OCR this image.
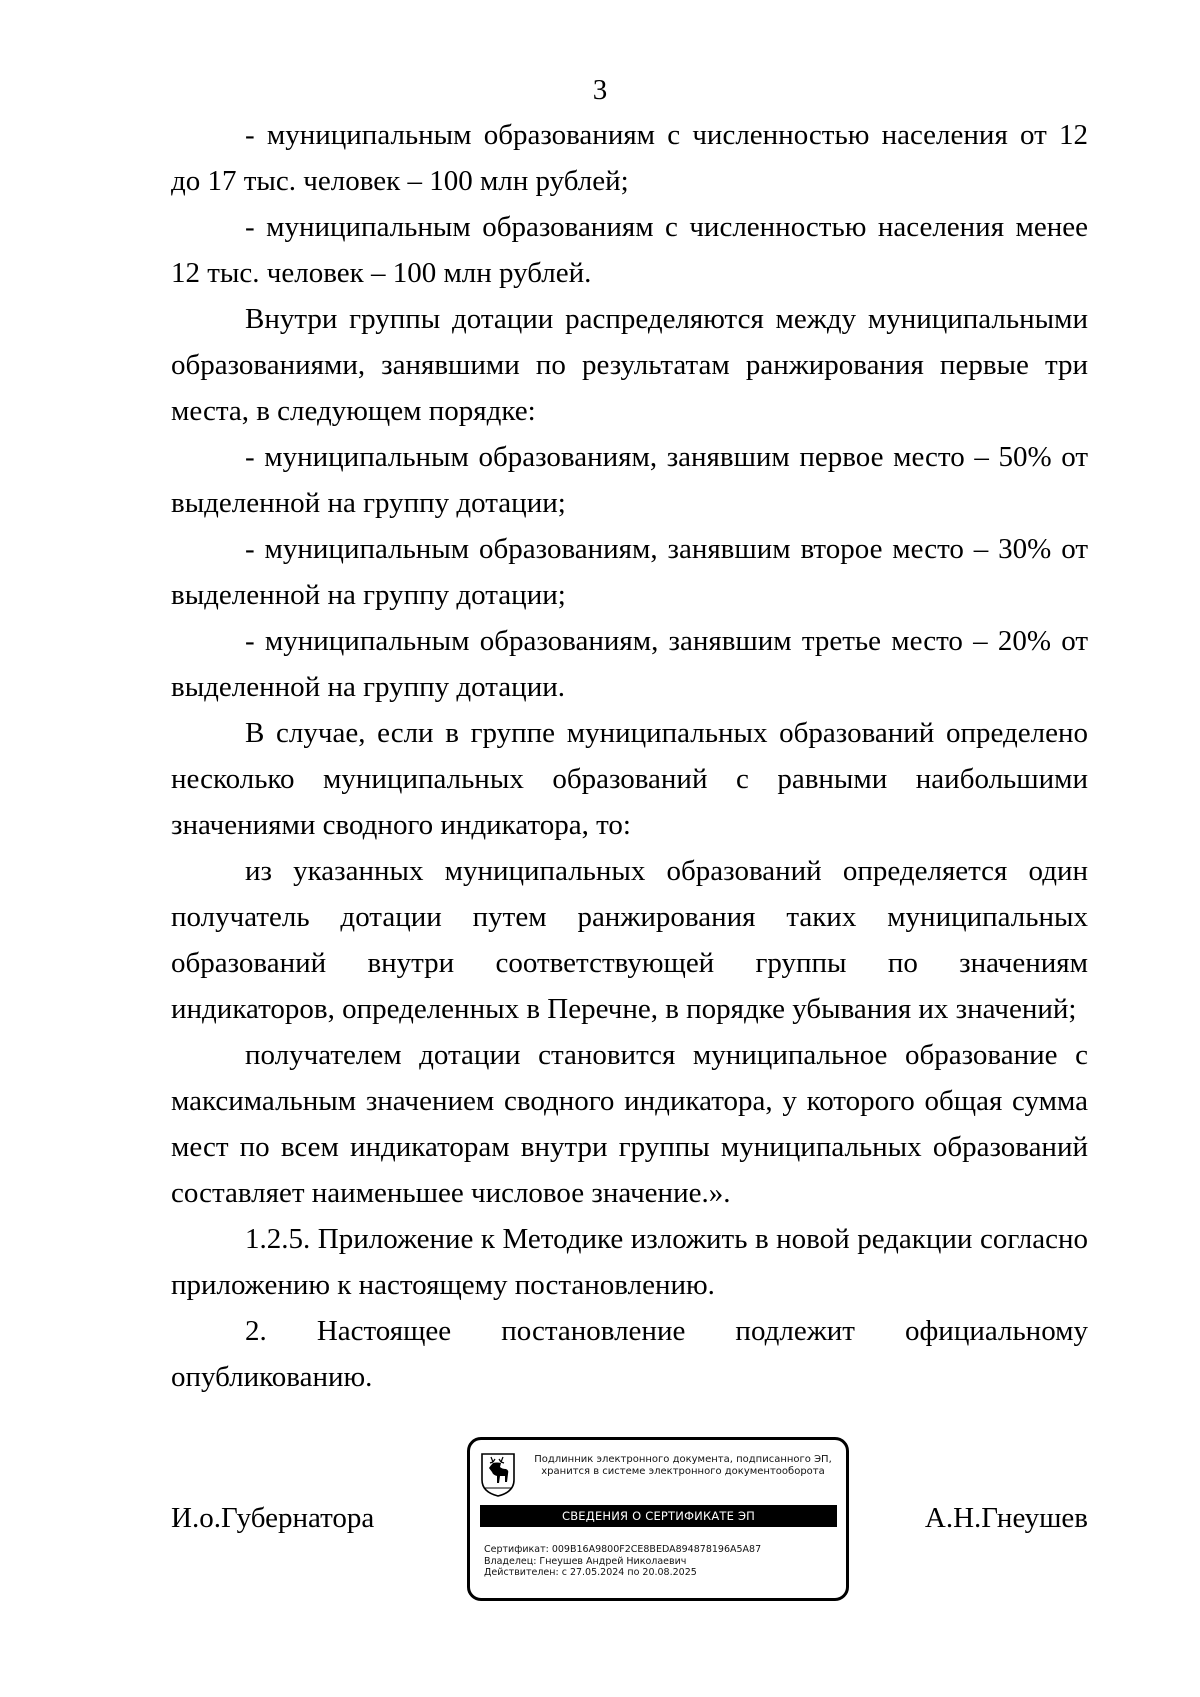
3

- муниципальным образованиям с численностью населения от 12 до 17 тыс. человек – 100 млн рублей;

- муниципальным образованиям с численностью населения менее 12 тыс. человек – 100 млн рублей.

Внутри группы дотации распределяются между муниципальными образованиями, занявшими по результатам ранжирования первые три места, в следующем порядке:

- муниципальным образованиям, занявшим первое место – 50% от выделенной на группу дотации;

- муниципальным образованиям, занявшим второе место – 30% от выделенной на группу дотации;

- муниципальным образованиям, занявшим третье место – 20% от выделенной на группу дотации.

В случае, если в группе муниципальных образований определено несколько муниципальных образований с равными наибольшими значениями сводного индикатора, то:

из указанных муниципальных образований определяется один получатель дотации путем ранжирования таких муниципальных образований внутри соответствующей группы по значениям индикаторов, определенных в Перечне, в порядке убывания их значений;

получателем дотации становится муниципальное образование с максимальным значением сводного индикатора, у которого общая сумма мест по всем индикаторам внутри группы муниципальных образований составляет наименьшее числовое значение.».

1.2.5. Приложение к Методике изложить в новой редакции согласно приложению к настоящему постановлению.

2. Настоящее постановление подлежит официальному опубликованию.

И.о.Губернатора
Подлинник электронного документа, подписанного ЭП,
хранится в системе электронного документооборота
СВЕДЕНИЯ О СЕРТИФИКАТЕ ЭП
Сертификат: 009B16A9800F2CE8BEDA894878196A5A87
Владелец: Гнеушев Андрей Николаевич
Действителен: с 27.05.2024 по 20.08.2025
А.Н.Гнеушев
